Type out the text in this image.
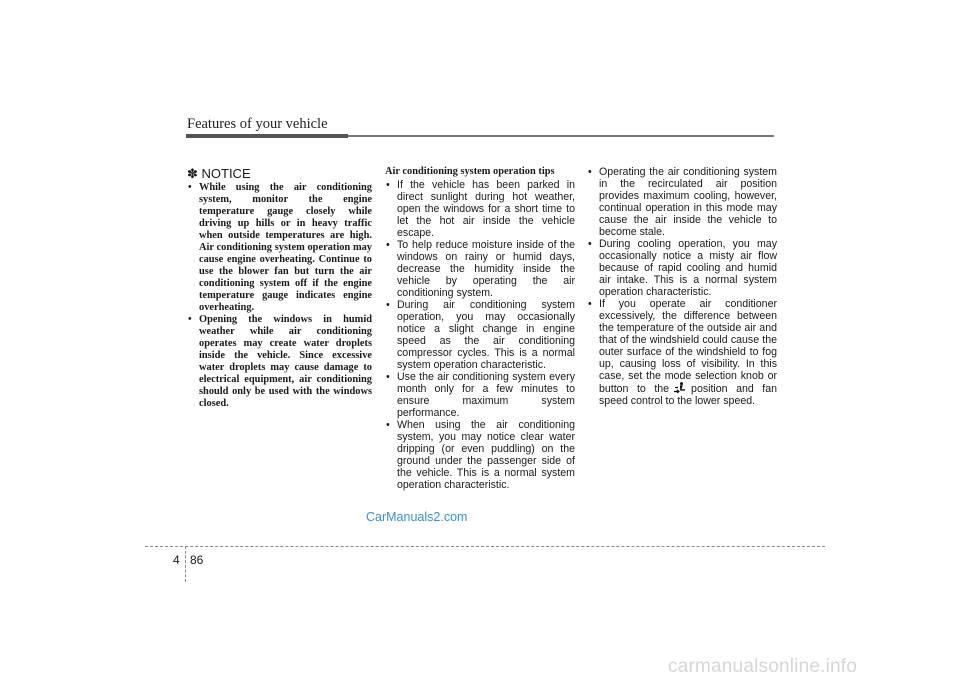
Features of your vehicle
✽ NOTICE
• While using the air conditioning system, monitor the engine temperature gauge closely while driving up hills or in heavy traffic when outside temperatures are high. Air conditioning system operation may cause engine overheating. Continue to use the blower fan but turn the air conditioning system off if the engine temperature gauge indicates engine overheating.
• Opening the windows in humid weather while air conditioning operates may create water droplets inside the vehicle. Since excessive water droplets may cause damage to electrical equipment, air conditioning should only be used with the windows closed.
Air conditioning system operation tips
• If the vehicle has been parked in direct sunlight during hot weather, open the windows for a short time to let the hot air inside the vehicle escape.
• To help reduce moisture inside of the windows on rainy or humid days, decrease the humidity inside the vehicle by operating the air conditioning system.
• During air conditioning system operation, you may occasionally notice a slight change in engine speed as the air conditioning compressor cycles. This is a normal system operation characteristic.
• Use the air conditioning system every month only for a few minutes to ensure maximum system performance.
• When using the air conditioning system, you may notice clear water dripping (or even puddling) on the ground under the passenger side of the vehicle. This is a normal system operation characteristic.
• Operating the air conditioning system in the recirculated air position provides maximum cooling, however, continual operation in this mode may cause the air inside the vehicle to become stale.
• During cooling operation, you may occasionally notice a misty air flow because of rapid cooling and humid air intake. This is a normal system operation characteristic.
• If you operate air conditioner excessively, the difference between the temperature of the outside air and that of the windshield could cause the outer surface of the windshield to fog up, causing loss of visibility. In this case, set the mode selection knob or button to the position and fan speed control to the lower speed.
CarManuals2.com
4 86
carmanualsonline.info
